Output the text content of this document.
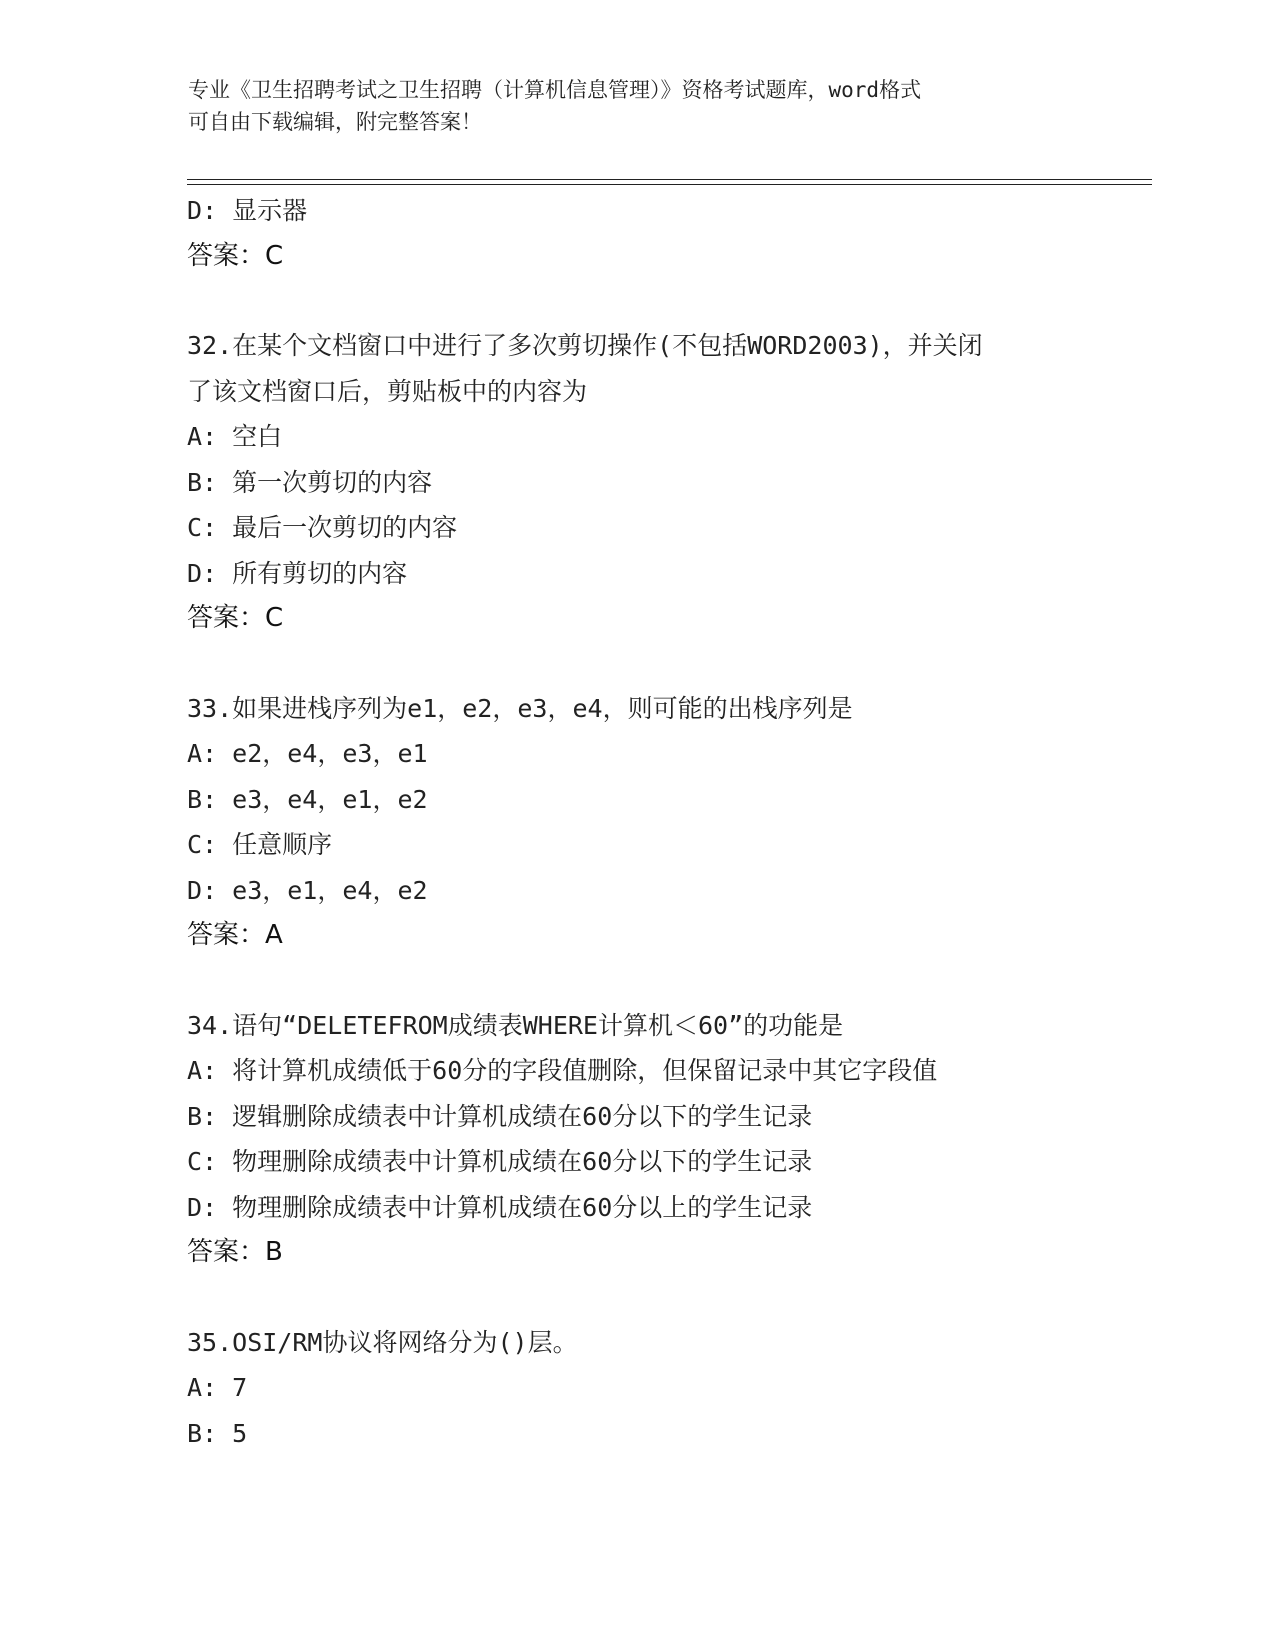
专业《卫生招聘考试之卫生招聘（计算机信息管理）》资格考试题库，word格式
可自由下载编辑，附完整答案！
D: 显示器
答案：C
32.在某个文档窗口中进行了多次剪切操作(不包括WORD2003)，并关闭
了该文档窗口后，剪贴板中的内容为
A: 空白
B: 第一次剪切的内容
C: 最后一次剪切的内容
D: 所有剪切的内容
答案：C
33.如果进栈序列为e1，e2，e3，e4，则可能的出栈序列是
A: e2，e4，e3，e1
B: e3，e4，e1，e2
C: 任意顺序
D: e3，e1，e4，e2
答案：A
34.语句“DELETEFROM成绩表WHERE计算机＜60”的功能是
A: 将计算机成绩低于60分的字段值删除，但保留记录中其它字段值
B: 逻辑删除成绩表中计算机成绩在60分以下的学生记录
C: 物理删除成绩表中计算机成绩在60分以下的学生记录
D: 物理删除成绩表中计算机成绩在60分以上的学生记录
答案：B
35.OSI/RM协议将网络分为()层。
A: 7
B: 5
